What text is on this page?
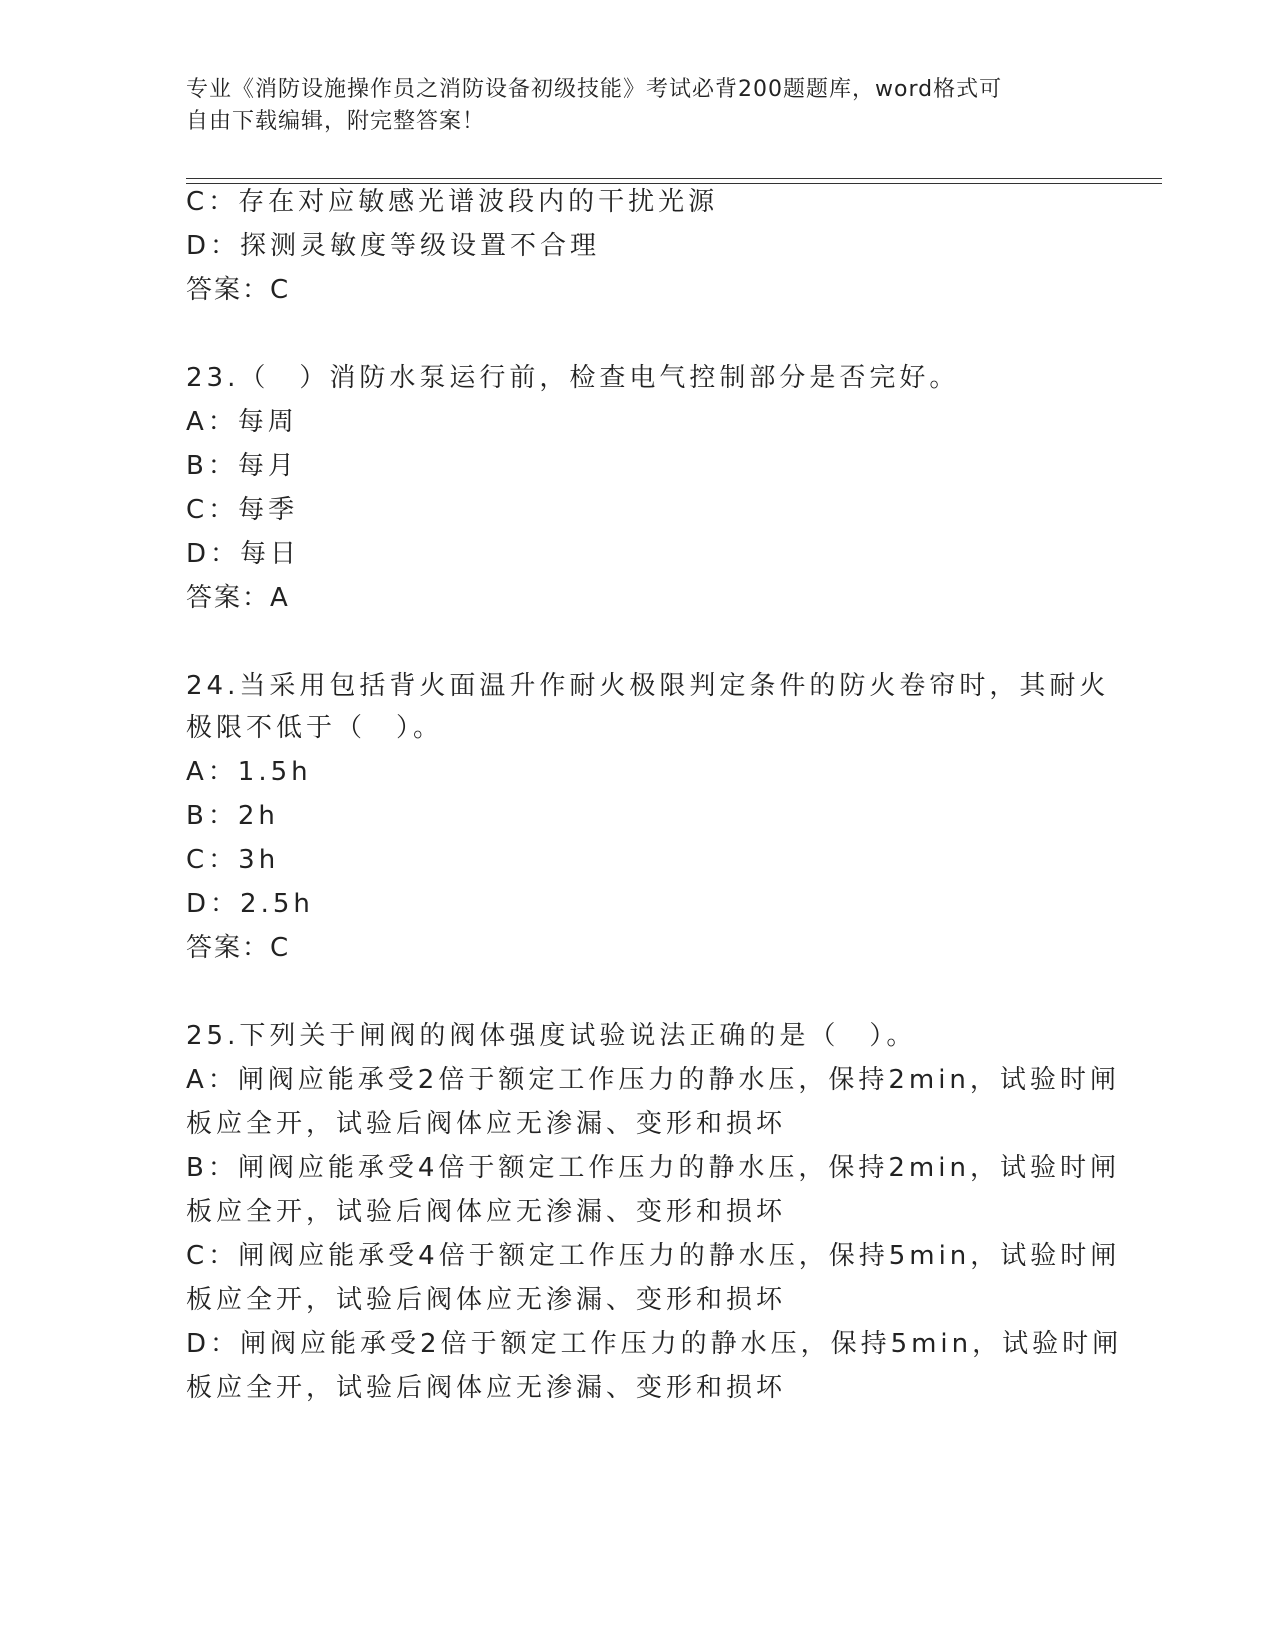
专业《消防设施操作员之消防设备初级技能》考试必背200题题库，word格式可
自由下载编辑，附完整答案！
C：存在对应敏感光谱波段内的干扰光源
D：探测灵敏度等级设置不合理
答案：C
23.（　）消防水泵运行前，检查电气控制部分是否完好。
A：每周
B：每月
C：每季
D：每日
答案：A
24.当采用包括背火面温升作耐火极限判定条件的防火卷帘时，其耐火
极限不低于（　）。
A：1.5h
B：2h
C：3h
D：2.5h
答案：C
25.下列关于闸阀的阀体强度试验说法正确的是（　）。
A：闸阀应能承受2倍于额定工作压力的静水压，保持2min，试验时闸
板应全开，试验后阀体应无渗漏、变形和损坏
B：闸阀应能承受4倍于额定工作压力的静水压，保持2min，试验时闸
板应全开，试验后阀体应无渗漏、变形和损坏
C：闸阀应能承受4倍于额定工作压力的静水压，保持5min，试验时闸
板应全开，试验后阀体应无渗漏、变形和损坏
D：闸阀应能承受2倍于额定工作压力的静水压，保持5min，试验时闸
板应全开，试验后阀体应无渗漏、变形和损坏
